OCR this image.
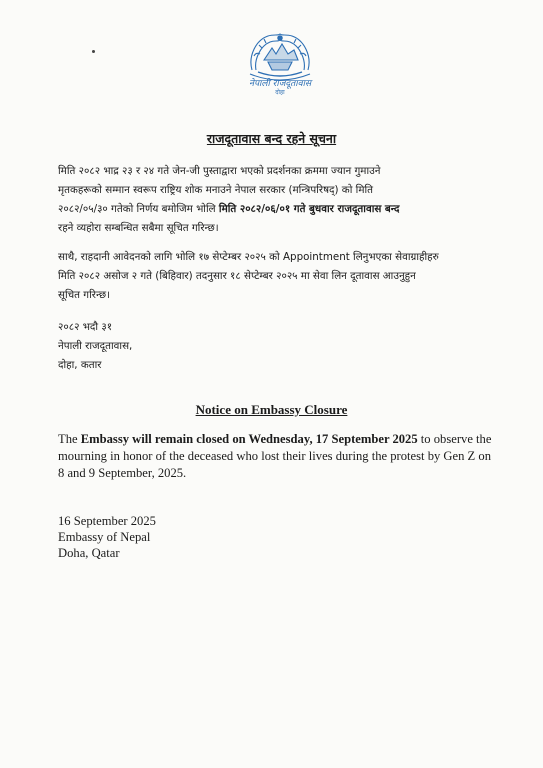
नेपाली राजदूतावास
दोहा
राजदूतावास बन्द रहने सूचना
मिति २०८२ भाद्र २३ र २४ गते जेन-जी पुस्ताद्वारा भएको प्रदर्शनका क्रममा ज्यान गुमाउने
मृतकहरूको सम्मान स्वरूप राष्ट्रिय शोक मनाउने नेपाल सरकार (मन्त्रिपरिषद्) को मिति
२०८२/०५/३० गतेको निर्णय बमोजिम भोलि मिति २०८२/०६/०१ गते बुधवार राजदूतावास बन्द
रहने व्यहोरा सम्बन्धित सबैमा सूचित गरिन्छ।
साथै, राहदानी आवेदनको लागि भोलि १७ सेप्टेम्बर २०२५ को Appointment लिनुभएका सेवाग्राहीहरु
मिति २०८२ असोज २ गते (बिहिवार) तदनुसार १८ सेप्टेम्बर २०२५ मा सेवा लिन दूतावास आउनुहुन
सूचित गरिन्छ।
२०८२ भदौ ३१
नेपाली राजदूतावास,
दोहा, कतार
Notice on Embassy Closure
The Embassy will remain closed on Wednesday, 17 September 2025 to observe the mourning in honor of the deceased who lost their lives during the protest by Gen Z on 8 and 9 September, 2025.
16 September 2025
Embassy of Nepal
Doha, Qatar
